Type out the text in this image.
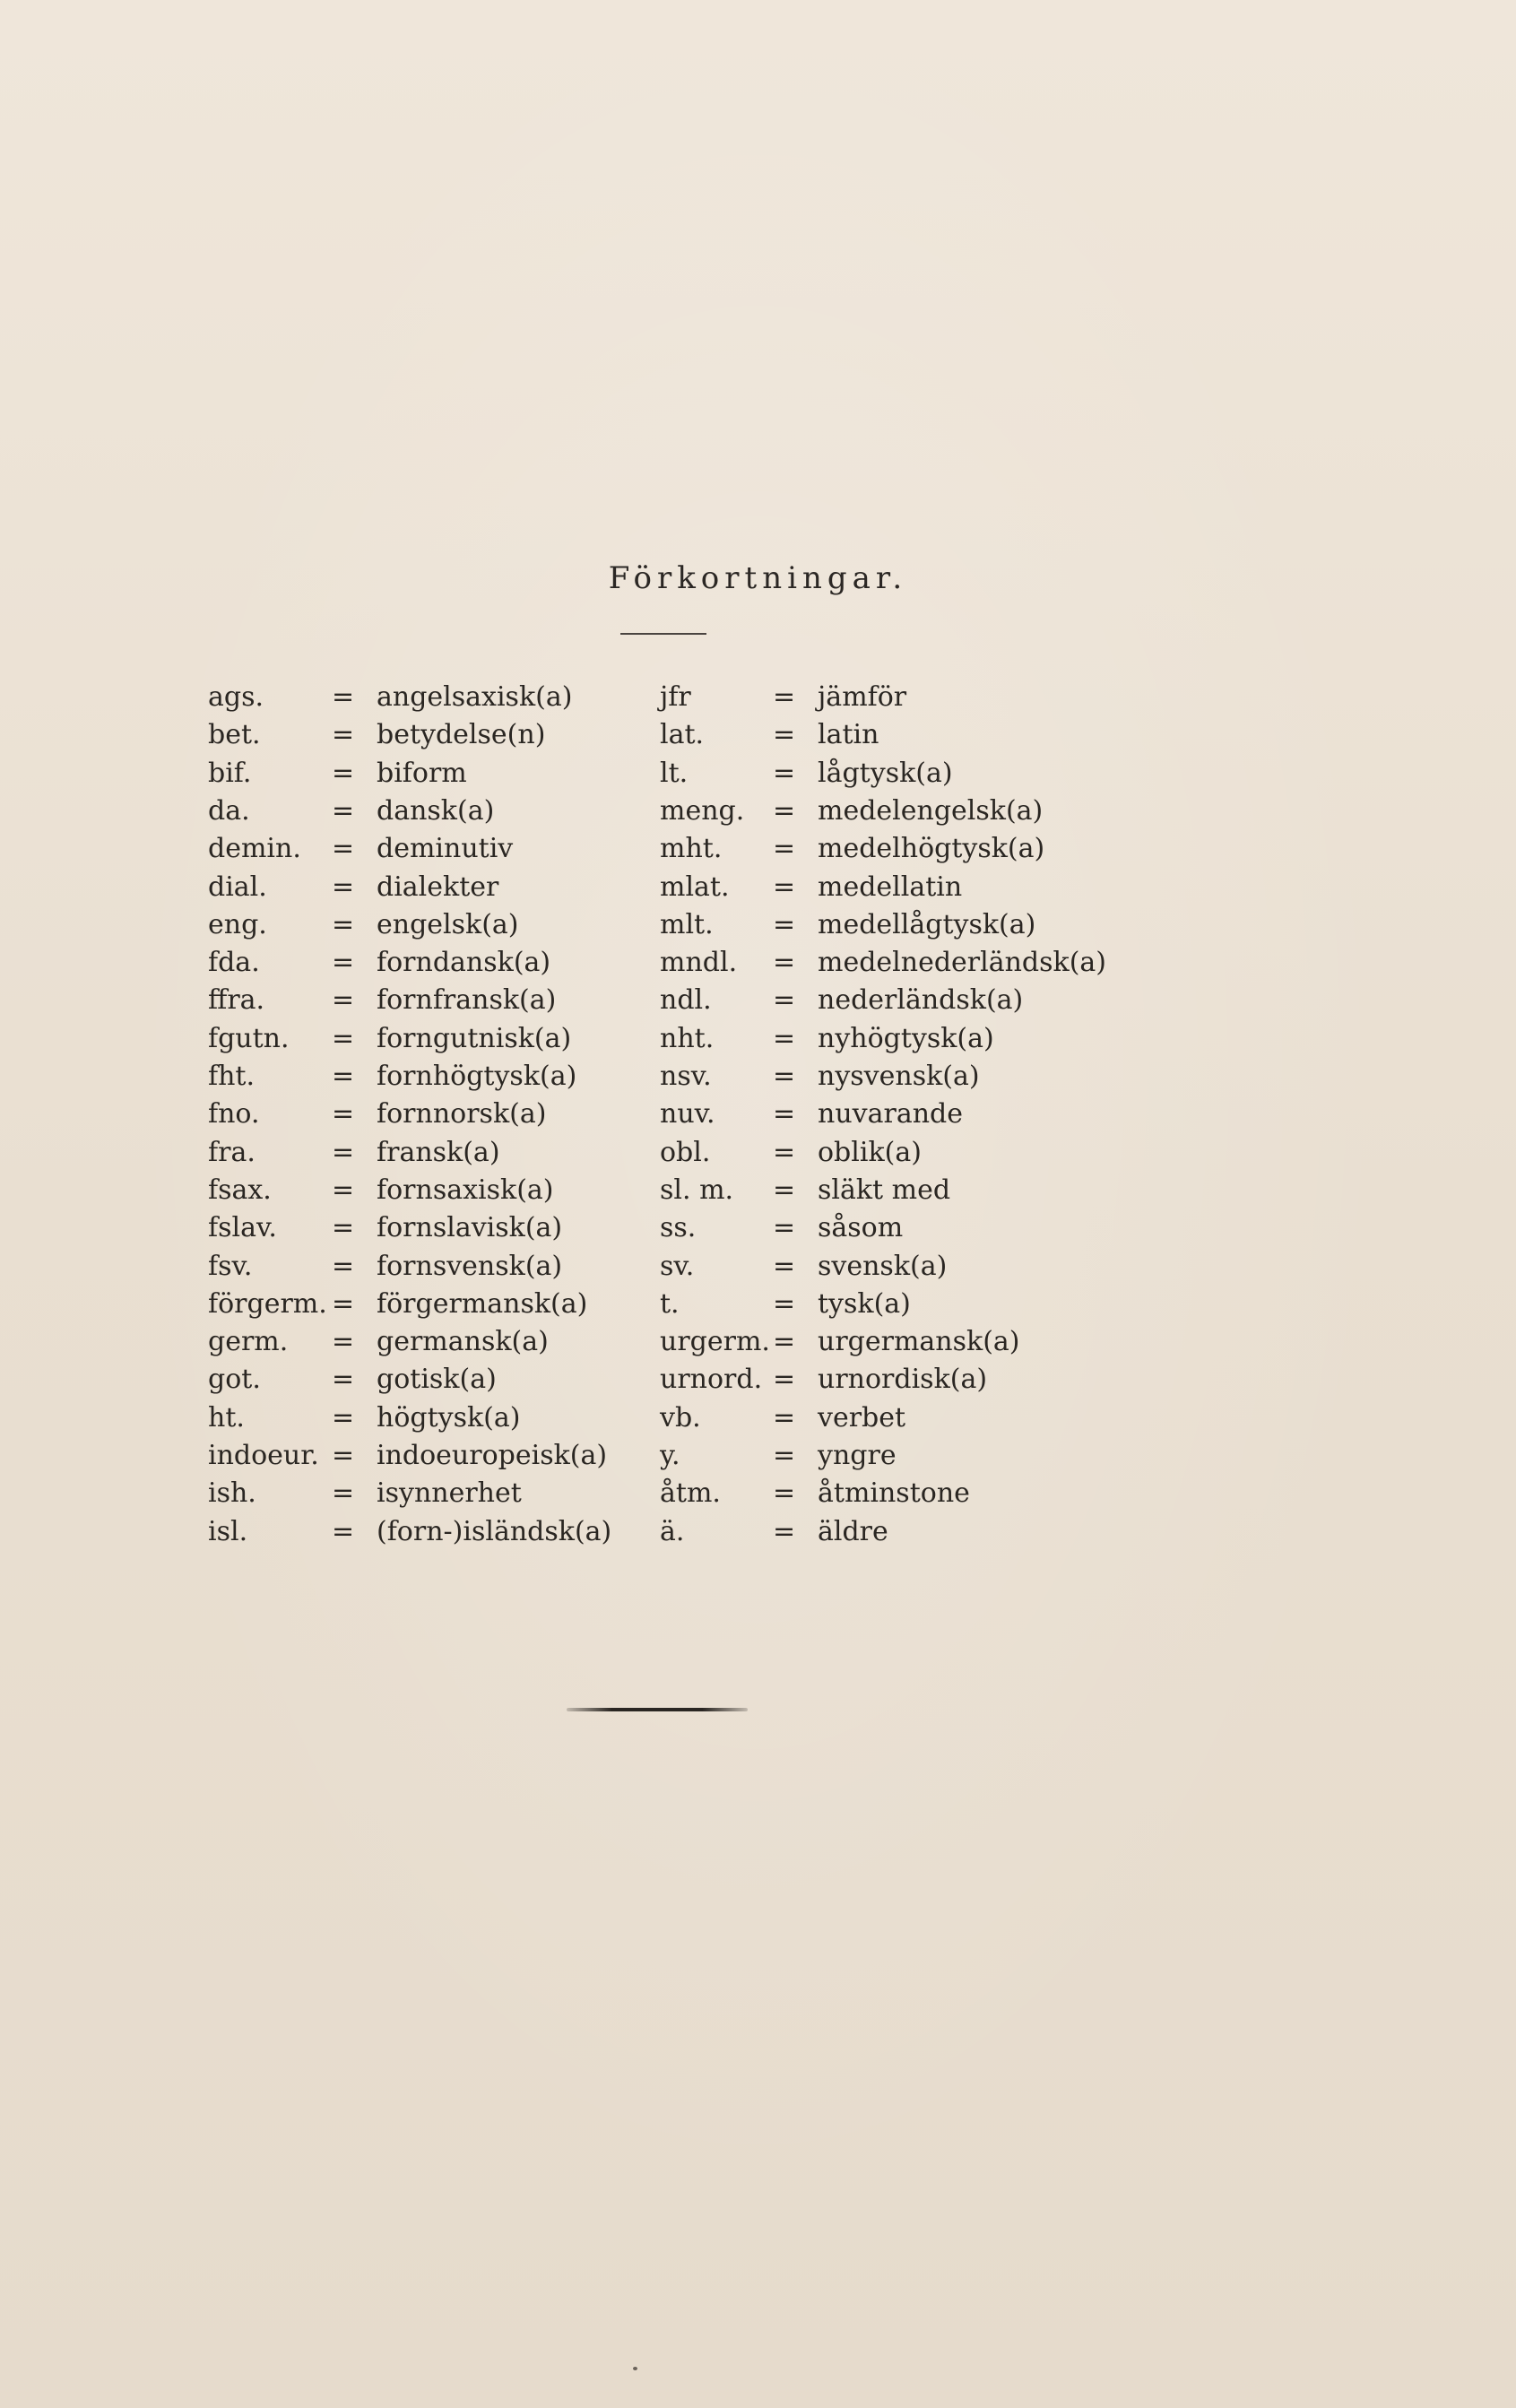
Förkortningar.
ags.	= angelsaxisk(a)
bet.	= betydelse(n)
bif.	= biform
da.	= dansk(a)
demin. = deminutiv
dial. = dialekter
eng. = engelsk(a)
fda.	= forndansk(a)
ffra. = fornfransk(a)
fgutn. = forngutnisk(a)
fht.	= fornhögtysk(a)
fno.	= fornnorsk(a)
fra.	= fransk(a)
fsax. = fornsaxisk(a)
fslav. = fornslavisk(a)
fsv.	= fornsvensk(a)
förgerm. = förgermansk(a)
germ. = germansk(a)
got.	= gotisk(a)
ht.	= högtysk(a)
indoeur. = indoeuropeisk(a)
ish.	= isynnerhet
isl.	= (forn-)isländsk(a)
jfr	= jämför
lat.	= latin
lt.	= lågtysk(a)
meng. = medelengelsk(a)
mht. = medelhögtysk(a)
mlat. = medellatin
mlt. = medellågtysk(a)
mndl. = medelnederländsk(a)
ndl. = nederländsk(a)
nht. = nyhögtysk(a)
nsv. = nysvensk(a)
nuv. = nuvarande
obl. = oblik(a)
sl. m. = släkt med
ss.	= såsom
sv.	= svensk(a)
t.	= tysk(a)
urgerm. = urgermansk(a)
urnord. = urnordisk(a)
vb.	= verbet
y.	= yngre
åtm. = åtminstone
ä.	= äldre
